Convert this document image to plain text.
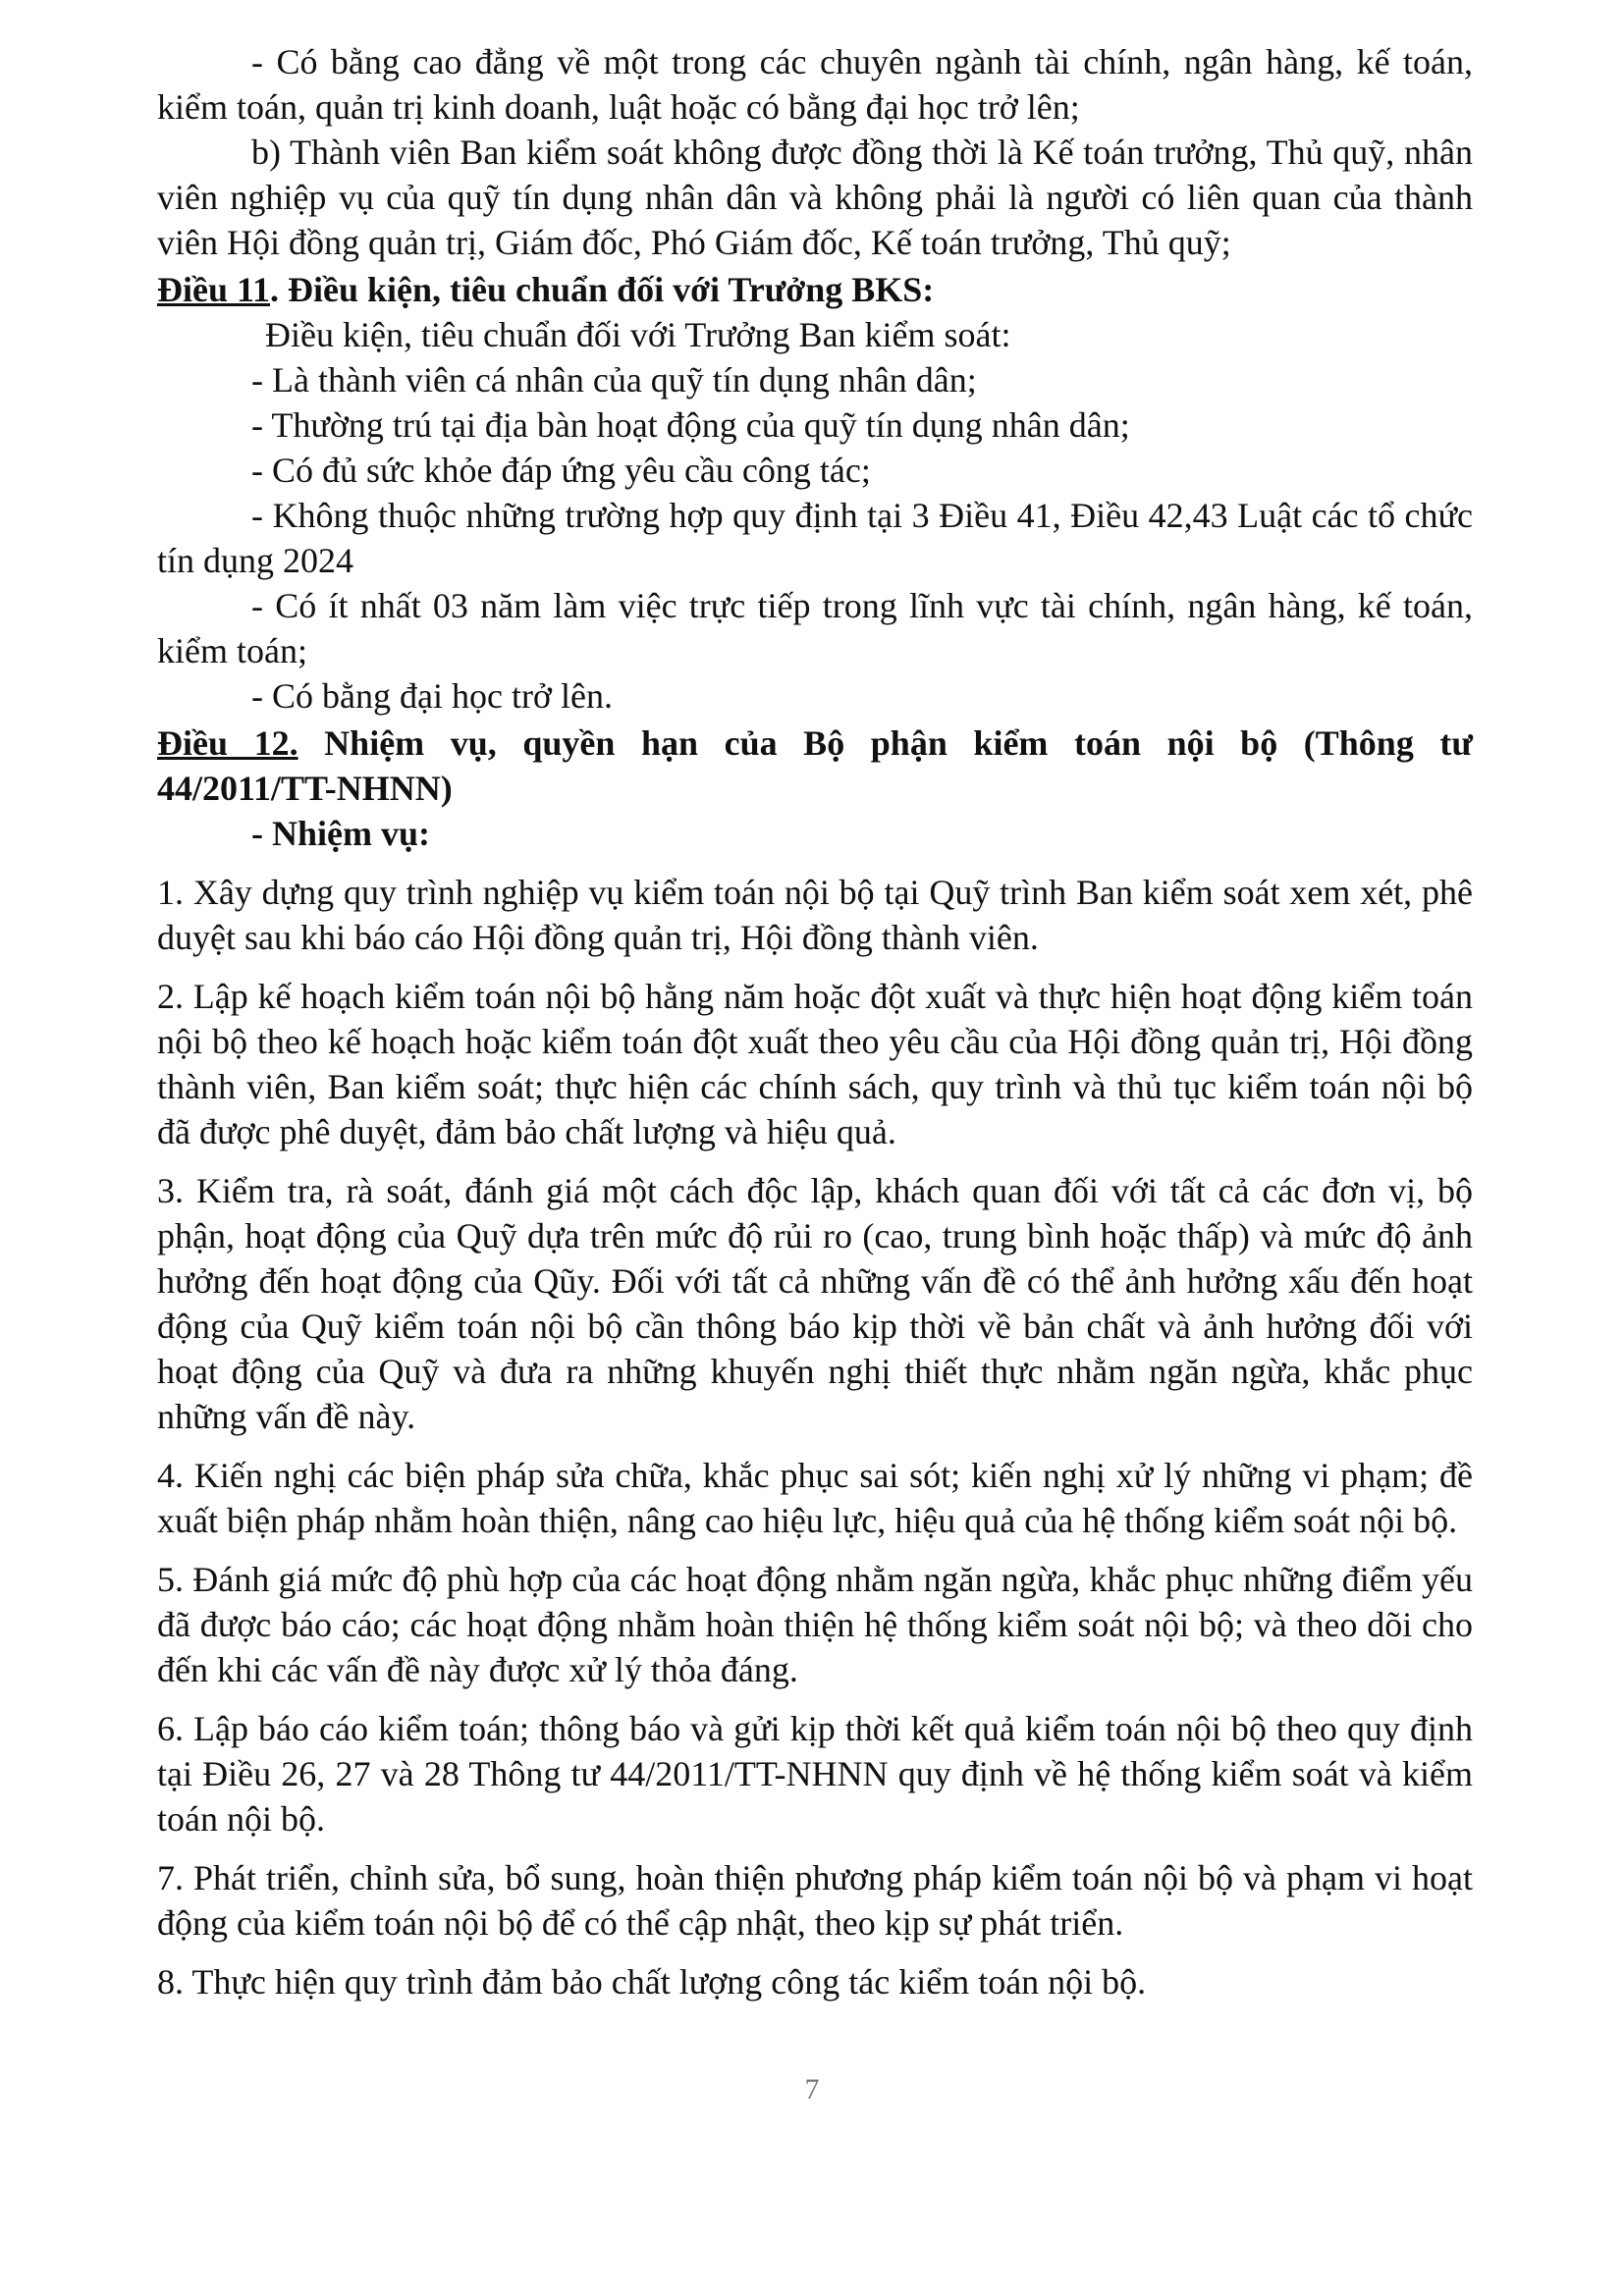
- Có bằng cao đẳng về một trong các chuyên ngành tài chính, ngân hàng, kế toán, kiểm toán, quản trị kinh doanh, luật hoặc có bằng đại học trở lên;

b) Thành viên Ban kiểm soát không được đồng thời là Kế toán trưởng, Thủ quỹ, nhân viên nghiệp vụ của quỹ tín dụng nhân dân và không phải là người có liên quan của thành viên Hội đồng quản trị, Giám đốc, Phó Giám đốc, Kế toán trưởng, Thủ quỹ;

Điều 11. Điều kiện, tiêu chuẩn đối với Trưởng BKS:

Điều kiện, tiêu chuẩn đối với Trưởng Ban kiểm soát:

- Là thành viên cá nhân của quỹ tín dụng nhân dân;

- Thường trú tại địa bàn hoạt động của quỹ tín dụng nhân dân;

- Có đủ sức khỏe đáp ứng yêu cầu công tác;

- Không thuộc những trường hợp quy định tại 3 Điều 41, Điều 42,43 Luật các tổ chức tín dụng 2024

- Có ít nhất 03 năm làm việc trực tiếp trong lĩnh vực tài chính, ngân hàng, kế toán, kiểm toán;

- Có bằng đại học trở lên.

Điều 12. Nhiệm vụ, quyền hạn của Bộ phận kiểm toán nội bộ (Thông tư 44/2011/TT-NHNN)

- Nhiệm vụ:

1. Xây dựng quy trình nghiệp vụ kiểm toán nội bộ tại Quỹ trình Ban kiểm soát xem xét, phê duyệt sau khi báo cáo Hội đồng quản trị, Hội đồng thành viên.

2. Lập kế hoạch kiểm toán nội bộ hằng năm hoặc đột xuất và thực hiện hoạt động kiểm toán nội bộ theo kế hoạch hoặc kiểm toán đột xuất theo yêu cầu của Hội đồng quản trị, Hội đồng thành viên, Ban kiểm soát; thực hiện các chính sách, quy trình và thủ tục kiểm toán nội bộ đã được phê duyệt, đảm bảo chất lượng và hiệu quả.

3. Kiểm tra, rà soát, đánh giá một cách độc lập, khách quan đối với tất cả các đơn vị, bộ phận, hoạt động của Quỹ dựa trên mức độ rủi ro (cao, trung bình hoặc thấp) và mức độ ảnh hưởng đến hoạt động của Qũy. Đối với tất cả những vấn đề có thể ảnh hưởng xấu đến hoạt động của Quỹ kiểm toán nội bộ cần thông báo kịp thời về bản chất và ảnh hưởng đối với hoạt động của Quỹ và đưa ra những khuyến nghị thiết thực nhằm ngăn ngừa, khắc phục những vấn đề này.

4. Kiến nghị các biện pháp sửa chữa, khắc phục sai sót; kiến nghị xử lý những vi phạm; đề xuất biện pháp nhằm hoàn thiện, nâng cao hiệu lực, hiệu quả của hệ thống kiểm soát nội bộ.

5. Đánh giá mức độ phù hợp của các hoạt động nhằm ngăn ngừa, khắc phục những điểm yếu đã được báo cáo; các hoạt động nhằm hoàn thiện hệ thống kiểm soát nội bộ; và theo dõi cho đến khi các vấn đề này được xử lý thỏa đáng.

6. Lập báo cáo kiểm toán; thông báo và gửi kịp thời kết quả kiểm toán nội bộ theo quy định tại Điều 26, 27 và 28 Thông tư 44/2011/TT-NHNN quy định về hệ thống kiểm soát và kiểm toán nội bộ.

7. Phát triển, chỉnh sửa, bổ sung, hoàn thiện phương pháp kiểm toán nội bộ và phạm vi hoạt động của kiểm toán nội bộ để có thể cập nhật, theo kịp sự phát triển.

8. Thực hiện quy trình đảm bảo chất lượng công tác kiểm toán nội bộ.

7
